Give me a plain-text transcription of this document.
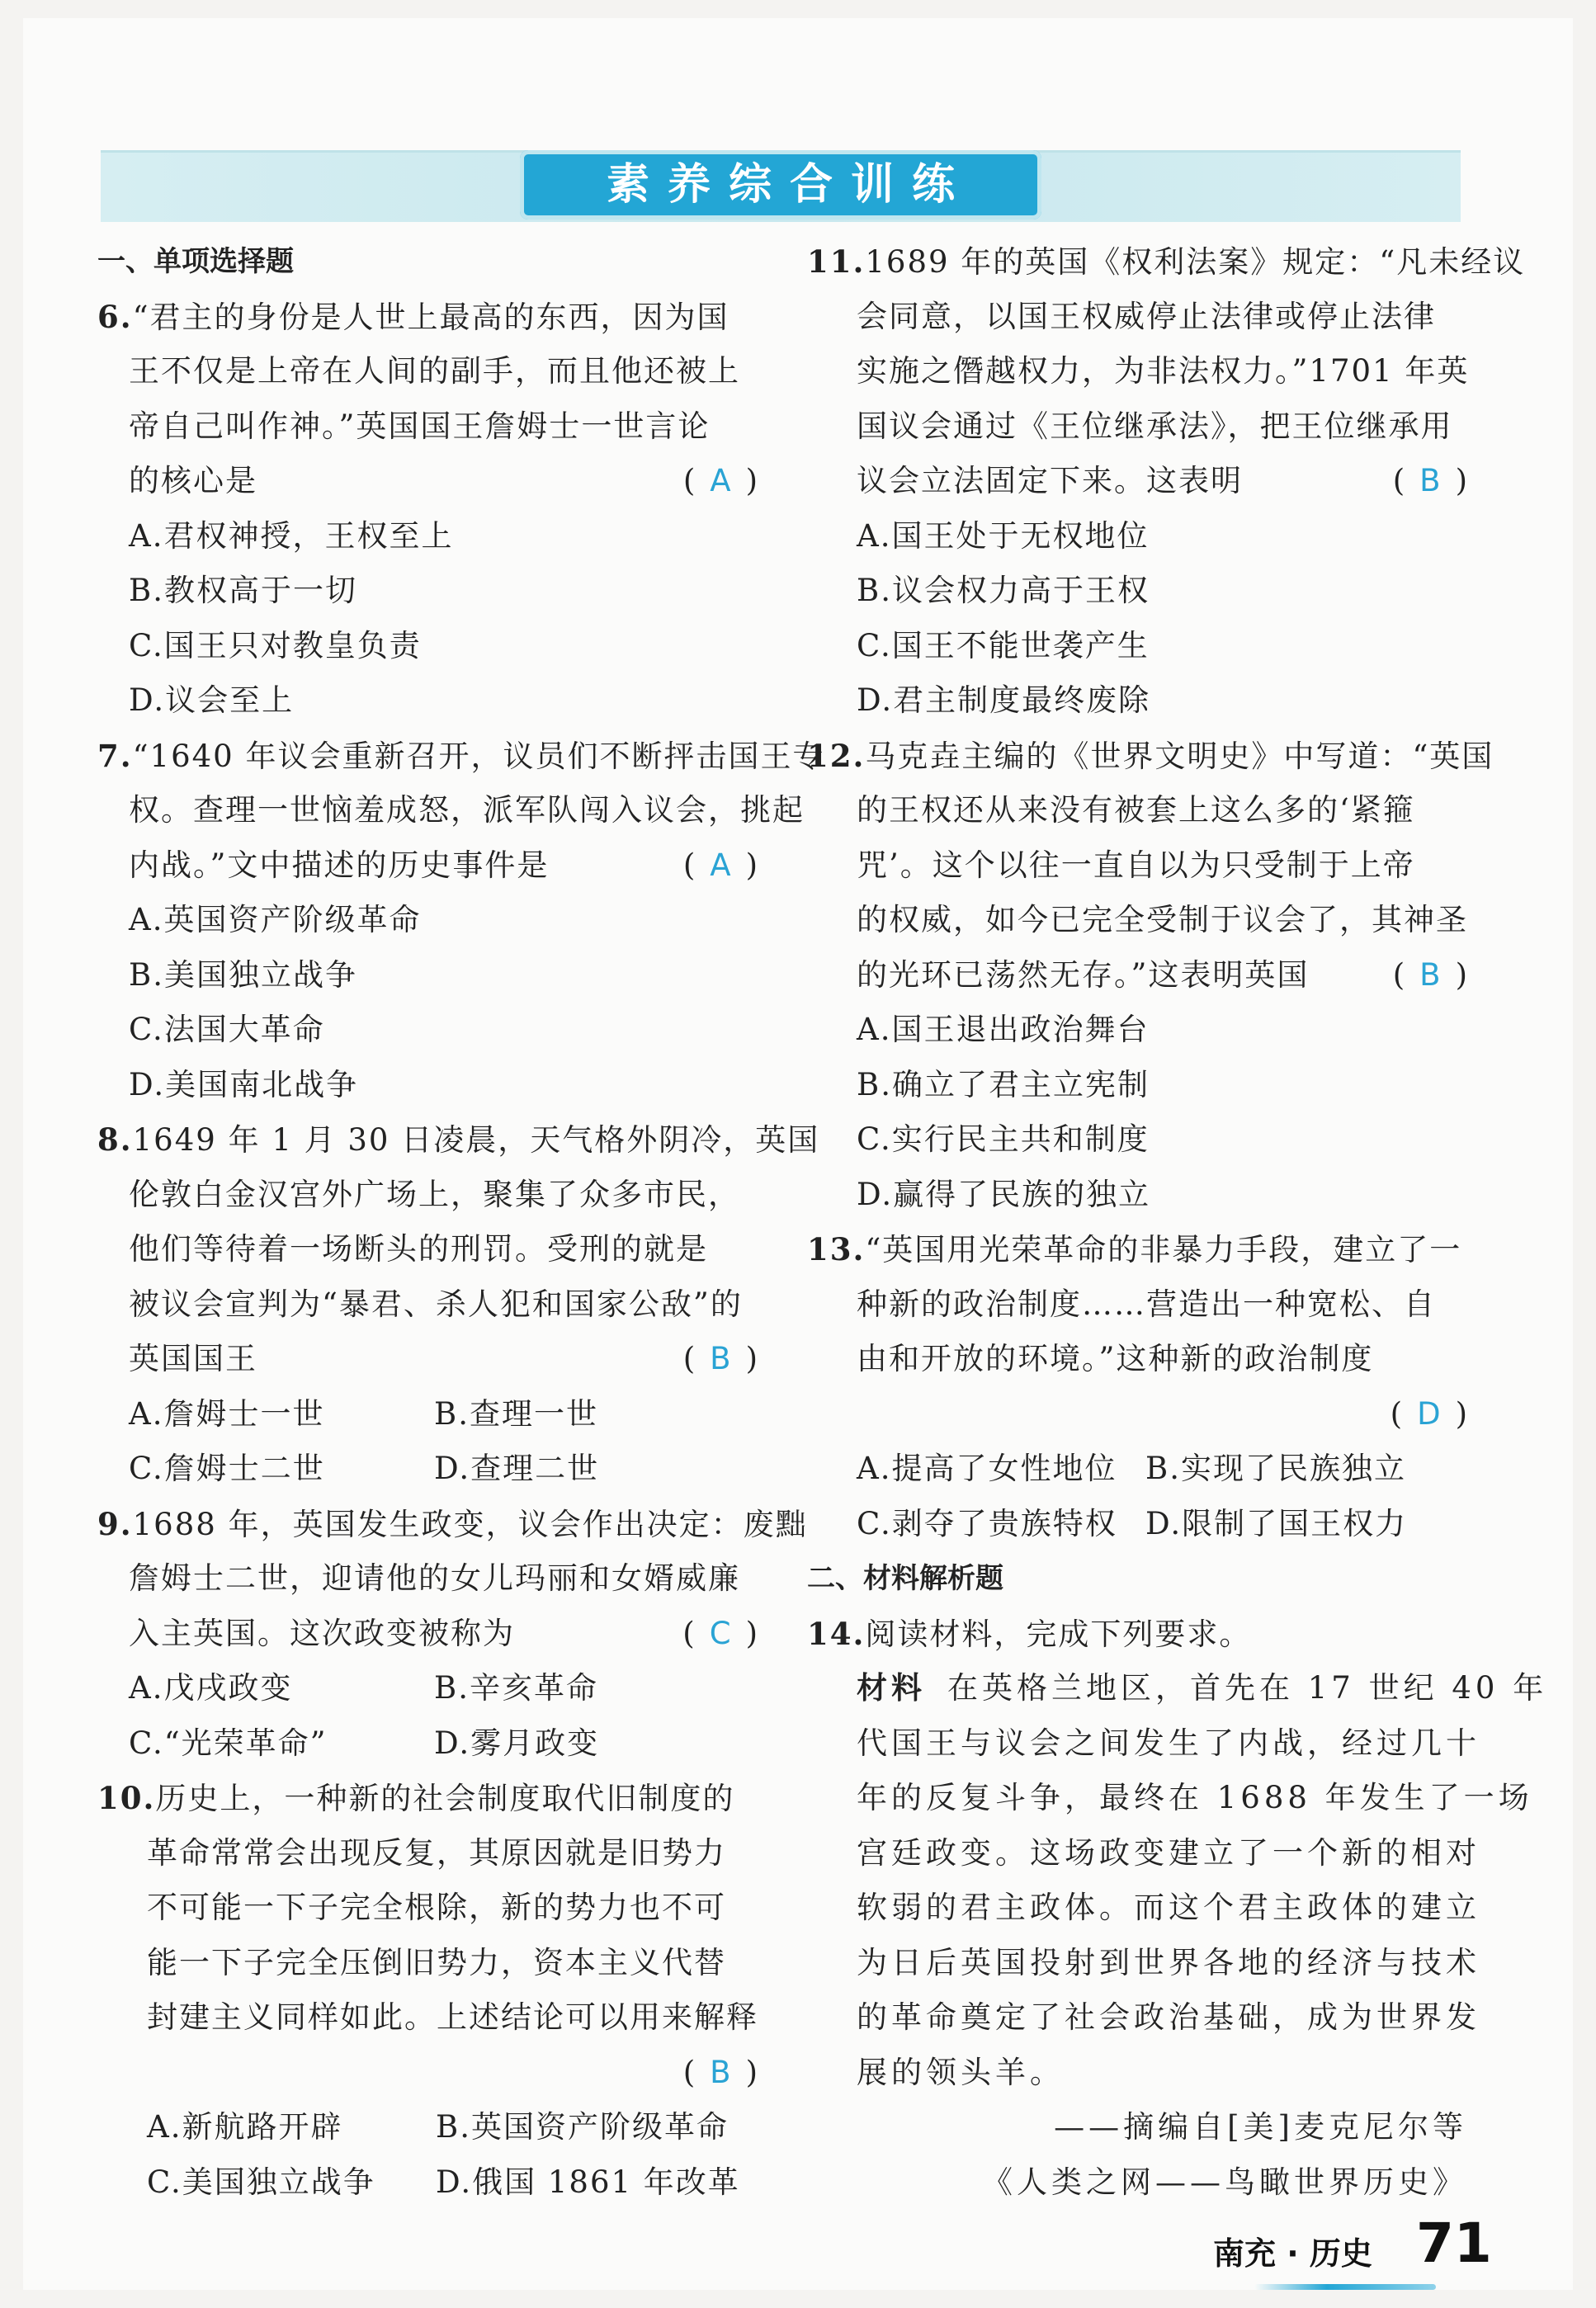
素养综合训练
一、单项选择题
6.“君主的身份是人世上最高的东西，因为国
王不仅是上帝在人间的副手，而且他还被上
帝自己叫作神。”英国国王詹姆士一世言论
的核心是	( A )
A.君权神授，王权至上
B.教权高于一切
C.国王只对教皇负责
D.议会至上
7.“1640 年议会重新召开，议员们不断抨击国王专
权。查理一世恼羞成怒，派军队闯入议会，挑起
内战。”文中描述的历史事件是	( A )
A.英国资产阶级革命
B.美国独立战争
C.法国大革命
D.美国南北战争
8.1649 年 1 月 30 日凌晨，天气格外阴冷，英国
伦敦白金汉宫外广场上，聚集了众多市民，
他们等待着一场断头的刑罚。受刑的就是
被议会宣判为“暴君、杀人犯和国家公敌”的
英国国王	( B )
A.詹姆士一世	B.查理一世
C.詹姆士二世	D.查理二世
9.1688 年，英国发生政变，议会作出决定：废黜
詹姆士二世，迎请他的女儿玛丽和女婿威廉
入主英国。这次政变被称为	( C )
A.戊戌政变	B.辛亥革命
C.“光荣革命”	D.雾月政变
10.历史上，一种新的社会制度取代旧制度的
革命常常会出现反复，其原因就是旧势力
不可能一下子完全根除，新的势力也不可
能一下子完全压倒旧势力，资本主义代替
封建主义同样如此。上述结论可以用来解释
( B )
A.新航路开辟	B.英国资产阶级革命
C.美国独立战争 D.俄国 1861 年改革
11.1689 年的英国《权利法案》规定：“凡未经议
会同意，以国王权威停止法律或停止法律
实施之僭越权力，为非法权力。”1701 年英
国议会通过《王位继承法》，把王位继承用
议会立法固定下来。这表明	( B )
A.国王处于无权地位
B.议会权力高于王权
C.国王不能世袭产生
D.君主制度最终废除
12.马克垚主编的《世界文明史》中写道：“英国
的王权还从来没有被套上这么多的‘紧箍
咒’。这个以往一直自以为只受制于上帝
的权威，如今已完全受制于议会了，其神圣
的光环已荡然无存。”这表明英国	( B )
A.国王退出政治舞台
B.确立了君主立宪制
C.实行民主共和制度
D.赢得了民族的独立
13.“英国用光荣革命的非暴力手段，建立了一
种新的政治制度……营造出一种宽松、自
由和开放的环境。”这种新的政治制度
( D )
A.提高了女性地位 B.实现了民族独立
C.剥夺了贵族特权 D.限制了国王权力
二、材料解析题
14.阅读材料，完成下列要求。
材料 在英格兰地区，首先在 17 世纪 40 年
代国王与议会之间发生了内战，经过几十
年的反复斗争，最终在 1688 年发生了一场
宫廷政变。这场政变建立了一个新的相对
软弱的君主政体。而这个君主政体的建立
为日后英国投射到世界各地的经济与技术
的革命奠定了社会政治基础，成为世界发
展的领头羊。
——摘编自[美]麦克尼尔等
《人类之网——鸟瞰世界历史》
南充 · 历史 71
